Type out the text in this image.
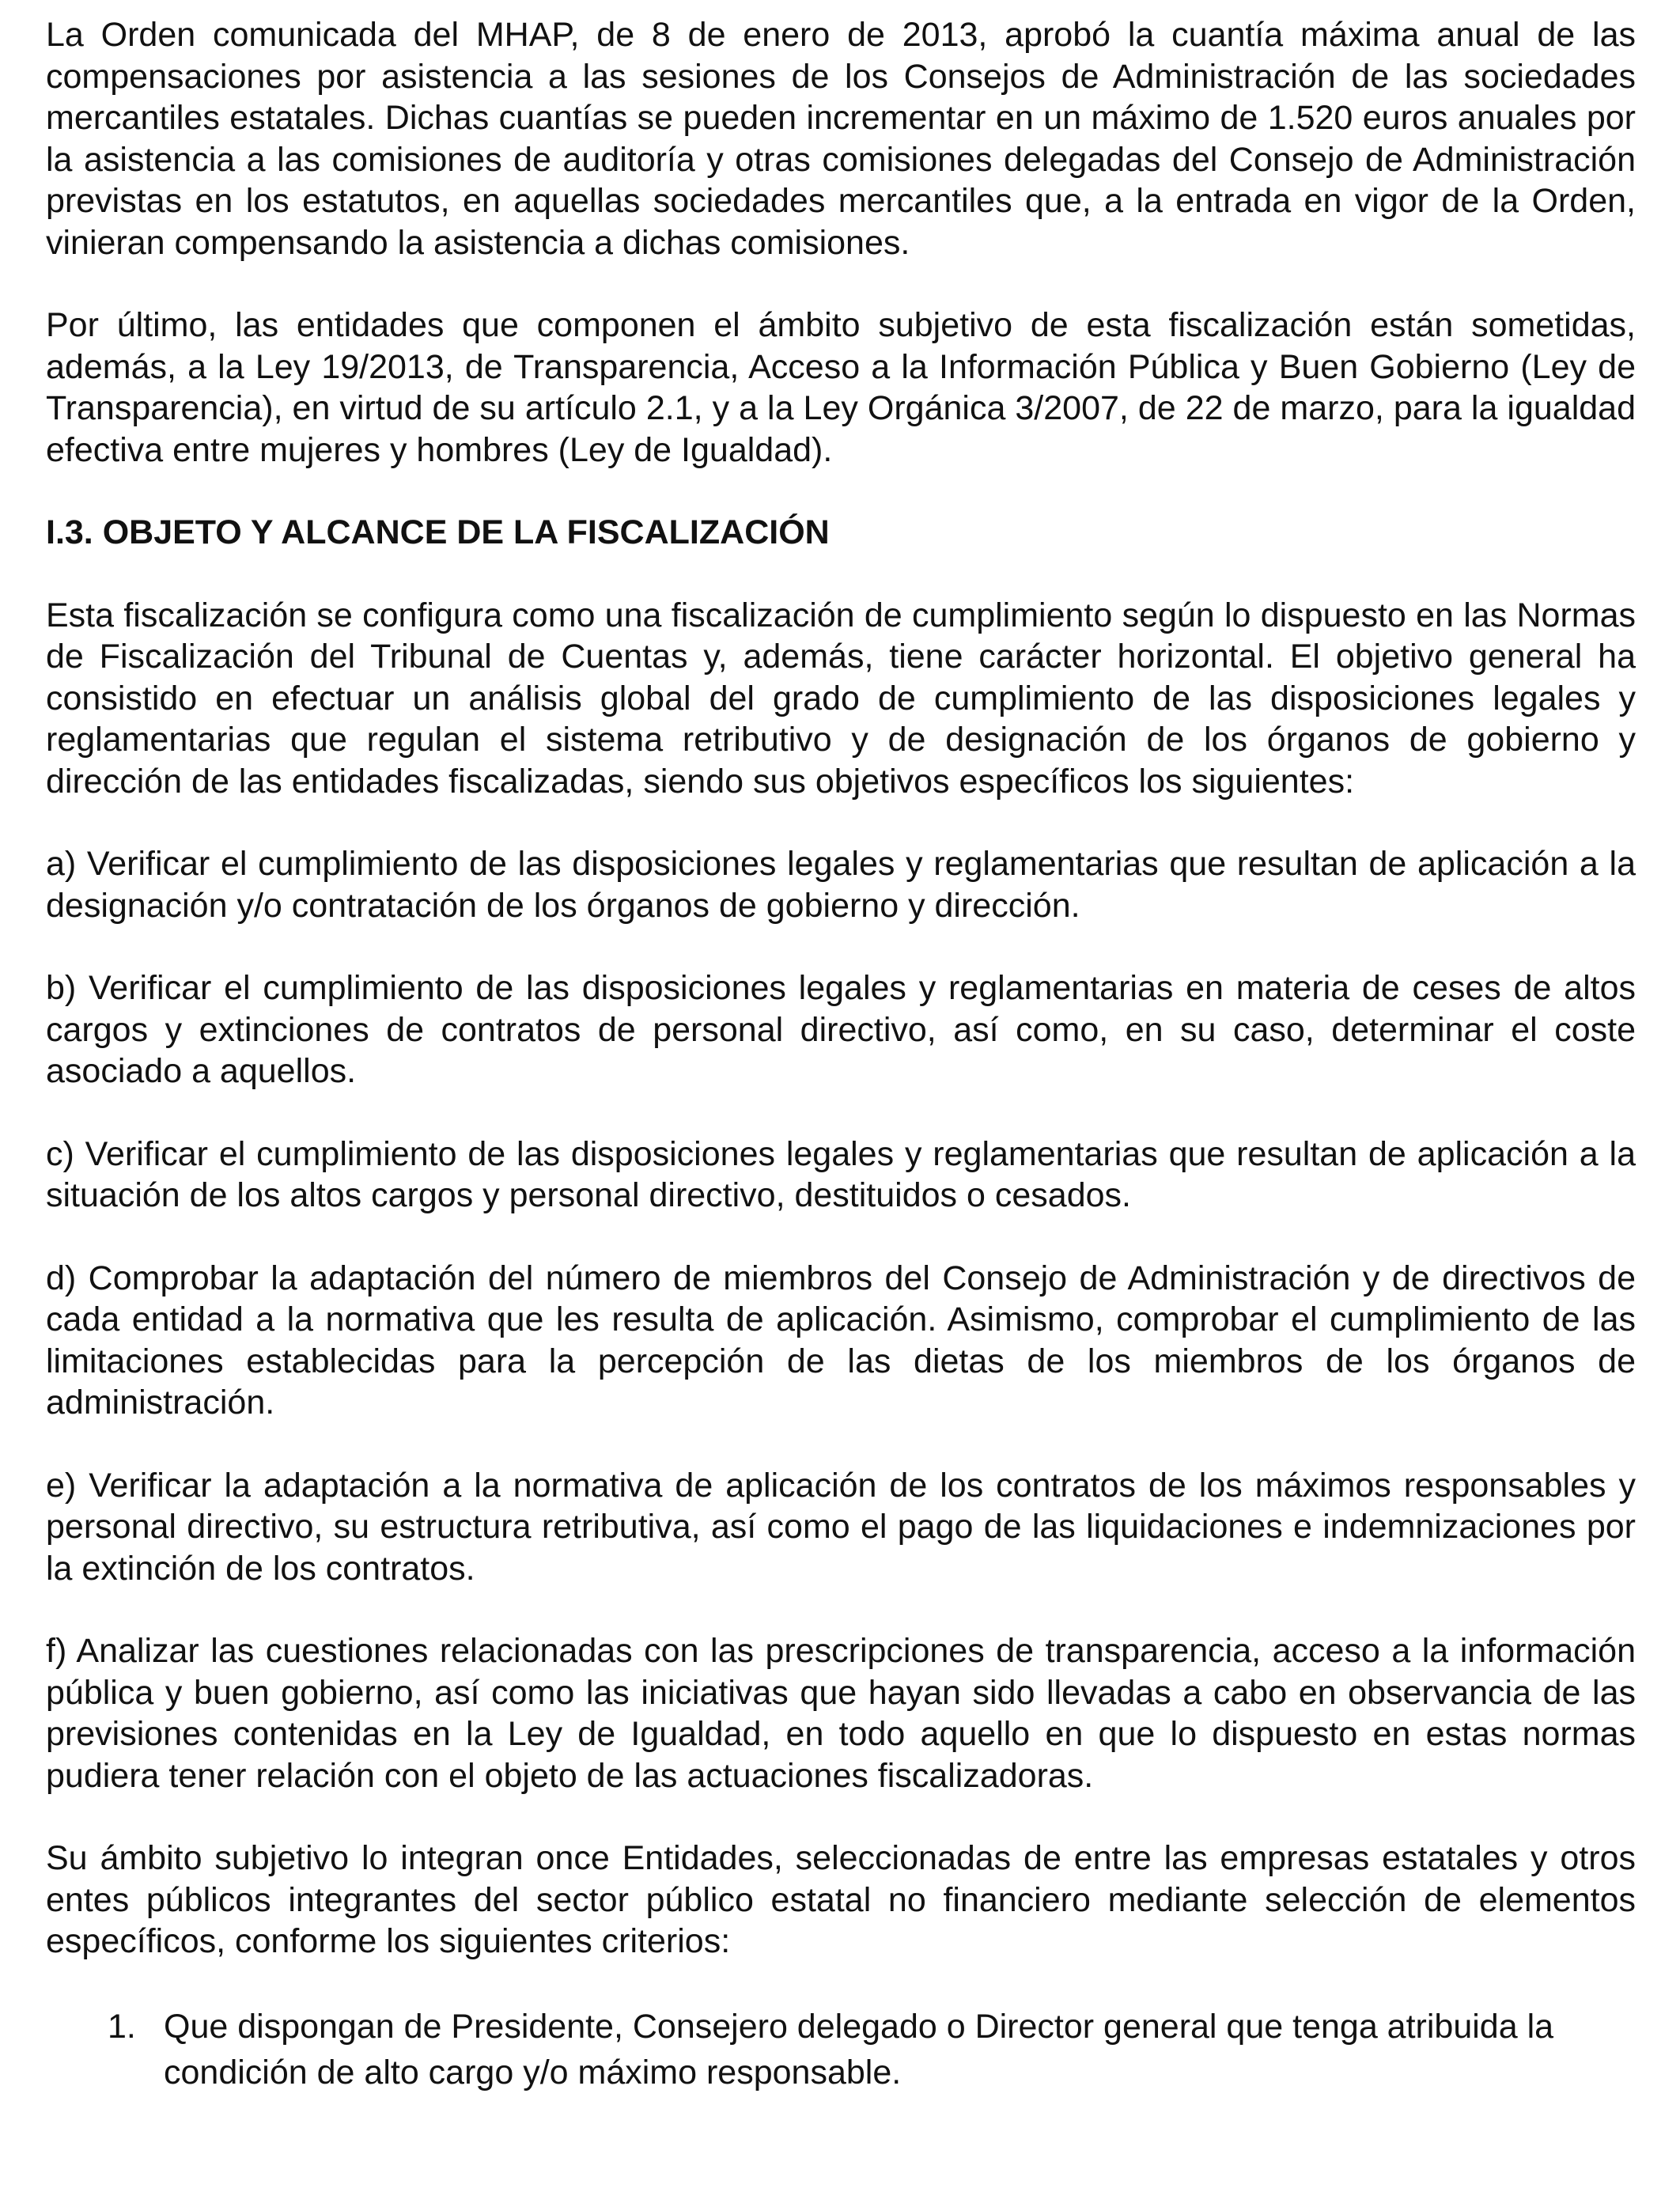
La Orden comunicada del MHAP, de 8 de enero de 2013, aprobó la cuantía máxima anual de las compensaciones por asistencia a las sesiones de los Consejos de Administración de las sociedades mercantiles estatales. Dichas cuantías se pueden incrementar en un máximo de 1.520 euros anuales por la asistencia a las comisiones de auditoría y otras comisiones delegadas del Consejo de Administración previstas en los estatutos, en aquellas sociedades mercantiles que, a la entrada en vigor de la Orden, vinieran compensando la asistencia a dichas comisiones.

Por último, las entidades que componen el ámbito subjetivo de esta fiscalización están sometidas, además, a la Ley 19/2013, de Transparencia, Acceso a la Información Pública y Buen Gobierno (Ley de Transparencia), en virtud de su artículo 2.1, y a la Ley Orgánica 3/2007, de 22 de marzo, para la igualdad efectiva entre mujeres y hombres (Ley de Igualdad).

I.3. OBJETO Y ALCANCE DE LA FISCALIZACIÓN

Esta fiscalización se configura como una fiscalización de cumplimiento según lo dispuesto en las Normas de Fiscalización del Tribunal de Cuentas y, además, tiene carácter horizontal. El objetivo general ha consistido en efectuar un análisis global del grado de cumplimiento de las disposiciones legales y reglamentarias que regulan el sistema retributivo y de designación de los órganos de gobierno y dirección de las entidades fiscalizadas, siendo sus objetivos específicos los siguientes:

a) Verificar el cumplimiento de las disposiciones legales y reglamentarias que resultan de aplicación a la designación y/o contratación de los órganos de gobierno y dirección.

b) Verificar el cumplimiento de las disposiciones legales y reglamentarias en materia de ceses de altos cargos y extinciones de contratos de personal directivo, así como, en su caso, determinar el coste asociado a aquellos.

c) Verificar el cumplimiento de las disposiciones legales y reglamentarias que resultan de aplicación a la situación de los altos cargos y personal directivo, destituidos o cesados.

d) Comprobar la adaptación del número de miembros del Consejo de Administración y de directivos de cada entidad a la normativa que les resulta de aplicación. Asimismo, comprobar el cumplimiento de las limitaciones establecidas para la percepción de las dietas de los miembros de los órganos de administración.

e) Verificar la adaptación a la normativa de aplicación de los contratos de los máximos responsables y personal directivo, su estructura retributiva, así como el pago de las liquidaciones e indemnizaciones por la extinción de los contratos.

f) Analizar las cuestiones relacionadas con las prescripciones de transparencia, acceso a la información pública y buen gobierno, así como las iniciativas que hayan sido llevadas a cabo en observancia de las previsiones contenidas en la Ley de Igualdad, en todo aquello en que lo dispuesto en estas normas pudiera tener relación con el objeto de las actuaciones fiscalizadoras.

Su ámbito subjetivo lo integran once Entidades, seleccionadas de entre las empresas estatales y otros entes públicos integrantes del sector público estatal no financiero mediante selección de elementos específicos, conforme los siguientes criterios:

1. Que dispongan de Presidente, Consejero delegado o Director general que tenga atribuida la condición de alto cargo y/o máximo responsable.
